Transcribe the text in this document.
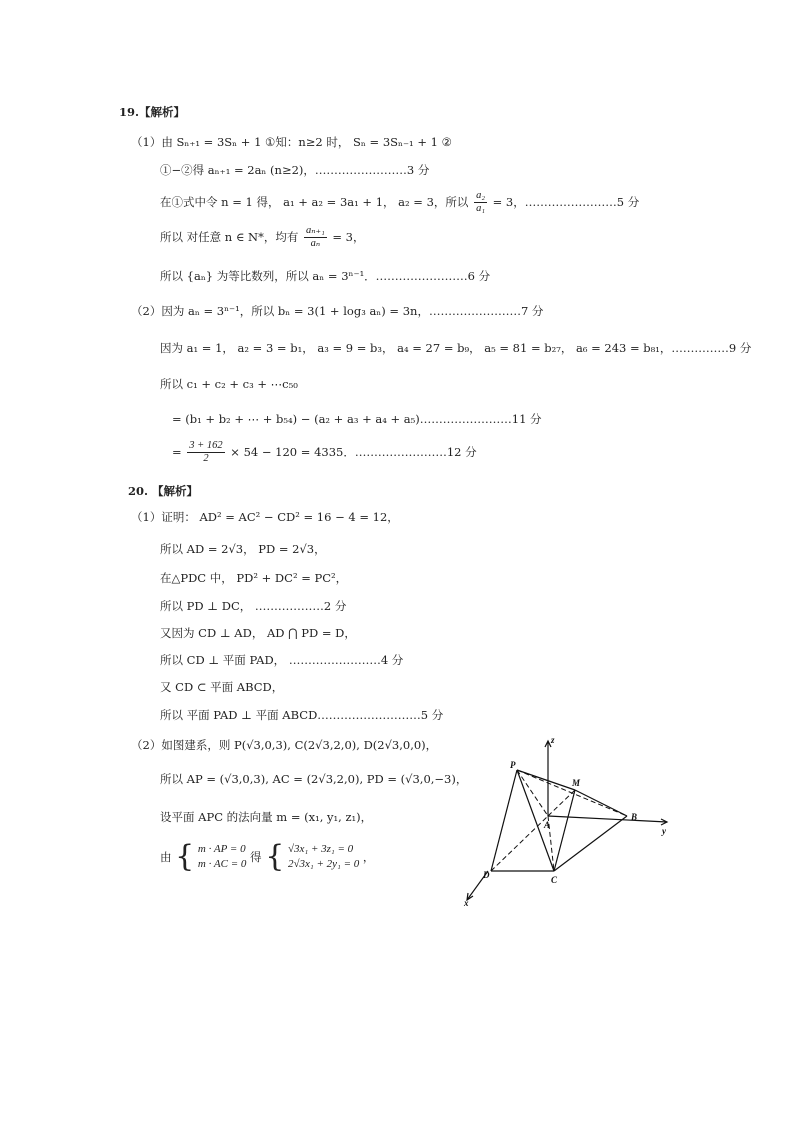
19.【解析】
（1）由 Sₙ₊₁ = 3Sₙ + 1 ①知：n≥2 时， Sₙ = 3Sₙ₋₁ + 1 ②
①−②得 aₙ₊₁ = 2aₙ (n≥2)，……………………3 分
在①式中令 n = 1 得， a₁ + a₂ = 3a₁ + 1， a₂ = 3，所以 $\frac{\text{a₂}}{\text{a₁}} = 3$，……………………5 分
所以 对任意 n ∈ N*，均有 $\frac{\text{aₙ₊₁}}{\text{aₙ}} = 3$，
所以 {aₙ} 为等比数列，所以 aₙ = 3ⁿ⁻¹．……………………6 分
（2）因为 aₙ = 3ⁿ⁻¹，所以 bₙ = 3(1 + log₃ aₙ) = 3n，……………………7 分
因为 a₁ = 1， a₂ = 3 = b₁， a₃ = 9 = b₃， a₄ = 27 = b₉， a₅ = 81 = b₂₇， a₆ = 243 = b₈₁，……………9 分
所以 c₁ + c₂ + c₃ + ⋯c₅₀
= (b₁ + b₂ + ⋯ + b₅₄) − (a₂ + a₃ + a₄ + a₅)……………………11 分
= $\frac{3 + 162}{2} \times 54 - 120 = 4335$．……………………12 分
20. 【解析】
（1）证明： AD² = AC² − CD² = 16 − 4 = 12，
所以 AD = 2√3， PD = 2√3，
在△PDC 中， PD² + DC² = PC²，
所以 PD ⊥ DC， ………………2 分
又因为 CD ⊥ AD， AD ⋂ PD = D，
所以 CD ⊥ 平面 PAD， ……………………4 分
又 CD ⊂ 平面 ABCD，
所以 平面 PAD ⊥ 平面 ABCD………………………5 分
（2）如图建系，则 P(√3,0,3), C(2√3,2,0), D(2√3,0,0)，
所以 AP = (√3,0,3), AC = (2√3,2,0), PD = (√3,0,−3)，
设平面 APC 的法向量 m = (x₁, y₁, z₁)，
由 { m · AP = 0
m · AC = 0
得 { √3x₁ + 3z₁ = 0
2√3x₁ + 2y₁ = 0
，
z
y
x
P
M
A
B
D	C
